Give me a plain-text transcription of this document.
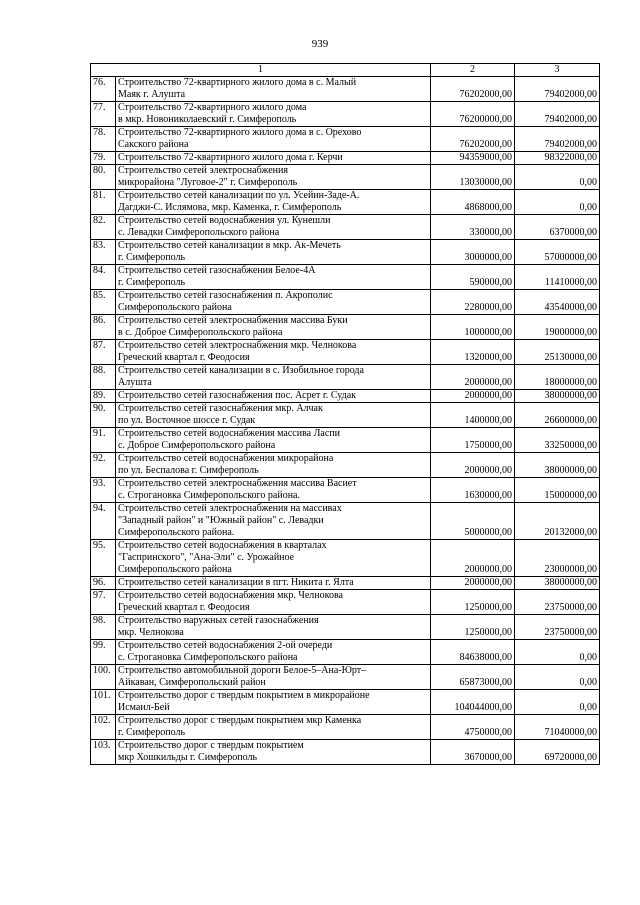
939
1		2	3
76.	Строительство 72-квартирного жилого дома в с. Малый
Маяк г. Алушта	76202000,00	79402000,00
77.	Строительство 72-квартирного жилого дома
в мкр. Новониколаевский г. Симферополь	76200000,00	79402000,00
78.	Строительство 72-квартирного жилого дома в с. Орехово
Сакского района	76202000,00	79402000,00
79.	Строительство 72-квартирного жилого дома г. Керчи	94359000,00	98322000,00
80.	Строительство сетей электроснабжения
микрорайона "Луговое-2" г. Симферополь	13030000,00	0,00
81.	Строительство сетей канализации по ул. Усейин-Заде-А.
Дагджи-С. Ислямова, мкр. Каменка, г. Симферополь	4868000,00	0,00
82.	Строительство сетей водоснабжения ул. Кунешли
с. Левадки Симферопольского района	330000,00	6370000,00
83.	Строительство сетей канализации в мкр. Ак-Мечеть
г. Симферополь	3000000,00	57000000,00
84.	Строительство сетей газоснабжения Белое-4А
г. Симферополь	590000,00	11410000,00
85.	Строительство сетей газоснабжения п. Акрополис
Симферопольского района	2280000,00	43540000,00
86.	Строительство сетей электроснабжения массива Буки
в с. Доброе Симферопольского района	1000000,00	19000000,00
87.	Строительство сетей электроснабжения мкр. Челнокова
Греческий квартал г. Феодосия	1320000,00	25130000,00
88.	Строительство сетей канализации в с. Изобильное города
Алушта	2000000,00	18000000,00
89.	Строительство сетей газоснабжения пос. Асрет г. Судак	2000000,00	38000000,00
90.	Строительство сетей газоснабжения мкр. Алчак
по ул. Восточное шоссе г. Судак	1400000,00	26600000,00
91.	Строительство сетей водоснабжения массива Ласпи
с. Доброе Симферопольского района	1750000,00	33250000,00
92.	Строительство сетей водоснабжения микрорайона
по ул. Беспалова г. Симферополь	2000000,00	38000000,00
93.	Строительство сетей электроснабжения массива Васиет
с. Строгановка Симферопольского района.	1630000,00	15000000,00
94.	Строительство сетей электроснабжения на массивах
"Западный район" и "Южный район" с. Левадки
Симферопольского района.	5000000,00	20132000,00
95.	Строительство сетей водоснабжения в кварталах
"Гаспринского", "Ана-Эли" с. Урожайное
Симферопольского района	2000000,00	23000000,00
96.	Строительство сетей канализации в пгт. Никита г. Ялта	2000000,00	38000000,00
97.	Строительство сетей водоснабжения мкр. Челнокова
Греческий квартал г. Феодосия	1250000,00	23750000,00
98.	Строительство наружных сетей газоснабжения
мкр. Челнокова	1250000,00	23750000,00
99.	Строительство сетей водоснабжения 2-ой очереди
с. Строгановка Симферопольского района	84638000,00	0,00
100.	Строительство автомобильной дороги Белое-5–Ана-Юрт–
Айкаван, Симферопольский район	65873000,00	0,00
101.	Строительство дорог с твердым покрытием в микрорайоне
Исмаил-Бей	104044000,00	0,00
102.	Строительство дорог с твердым покрытием мкр Каменка
г. Симферополь	4750000,00	71040000,00
103.	Строительство дорог с твердым покрытием
мкр Хошкильды г. Симферополь	3670000,00	69720000,00
